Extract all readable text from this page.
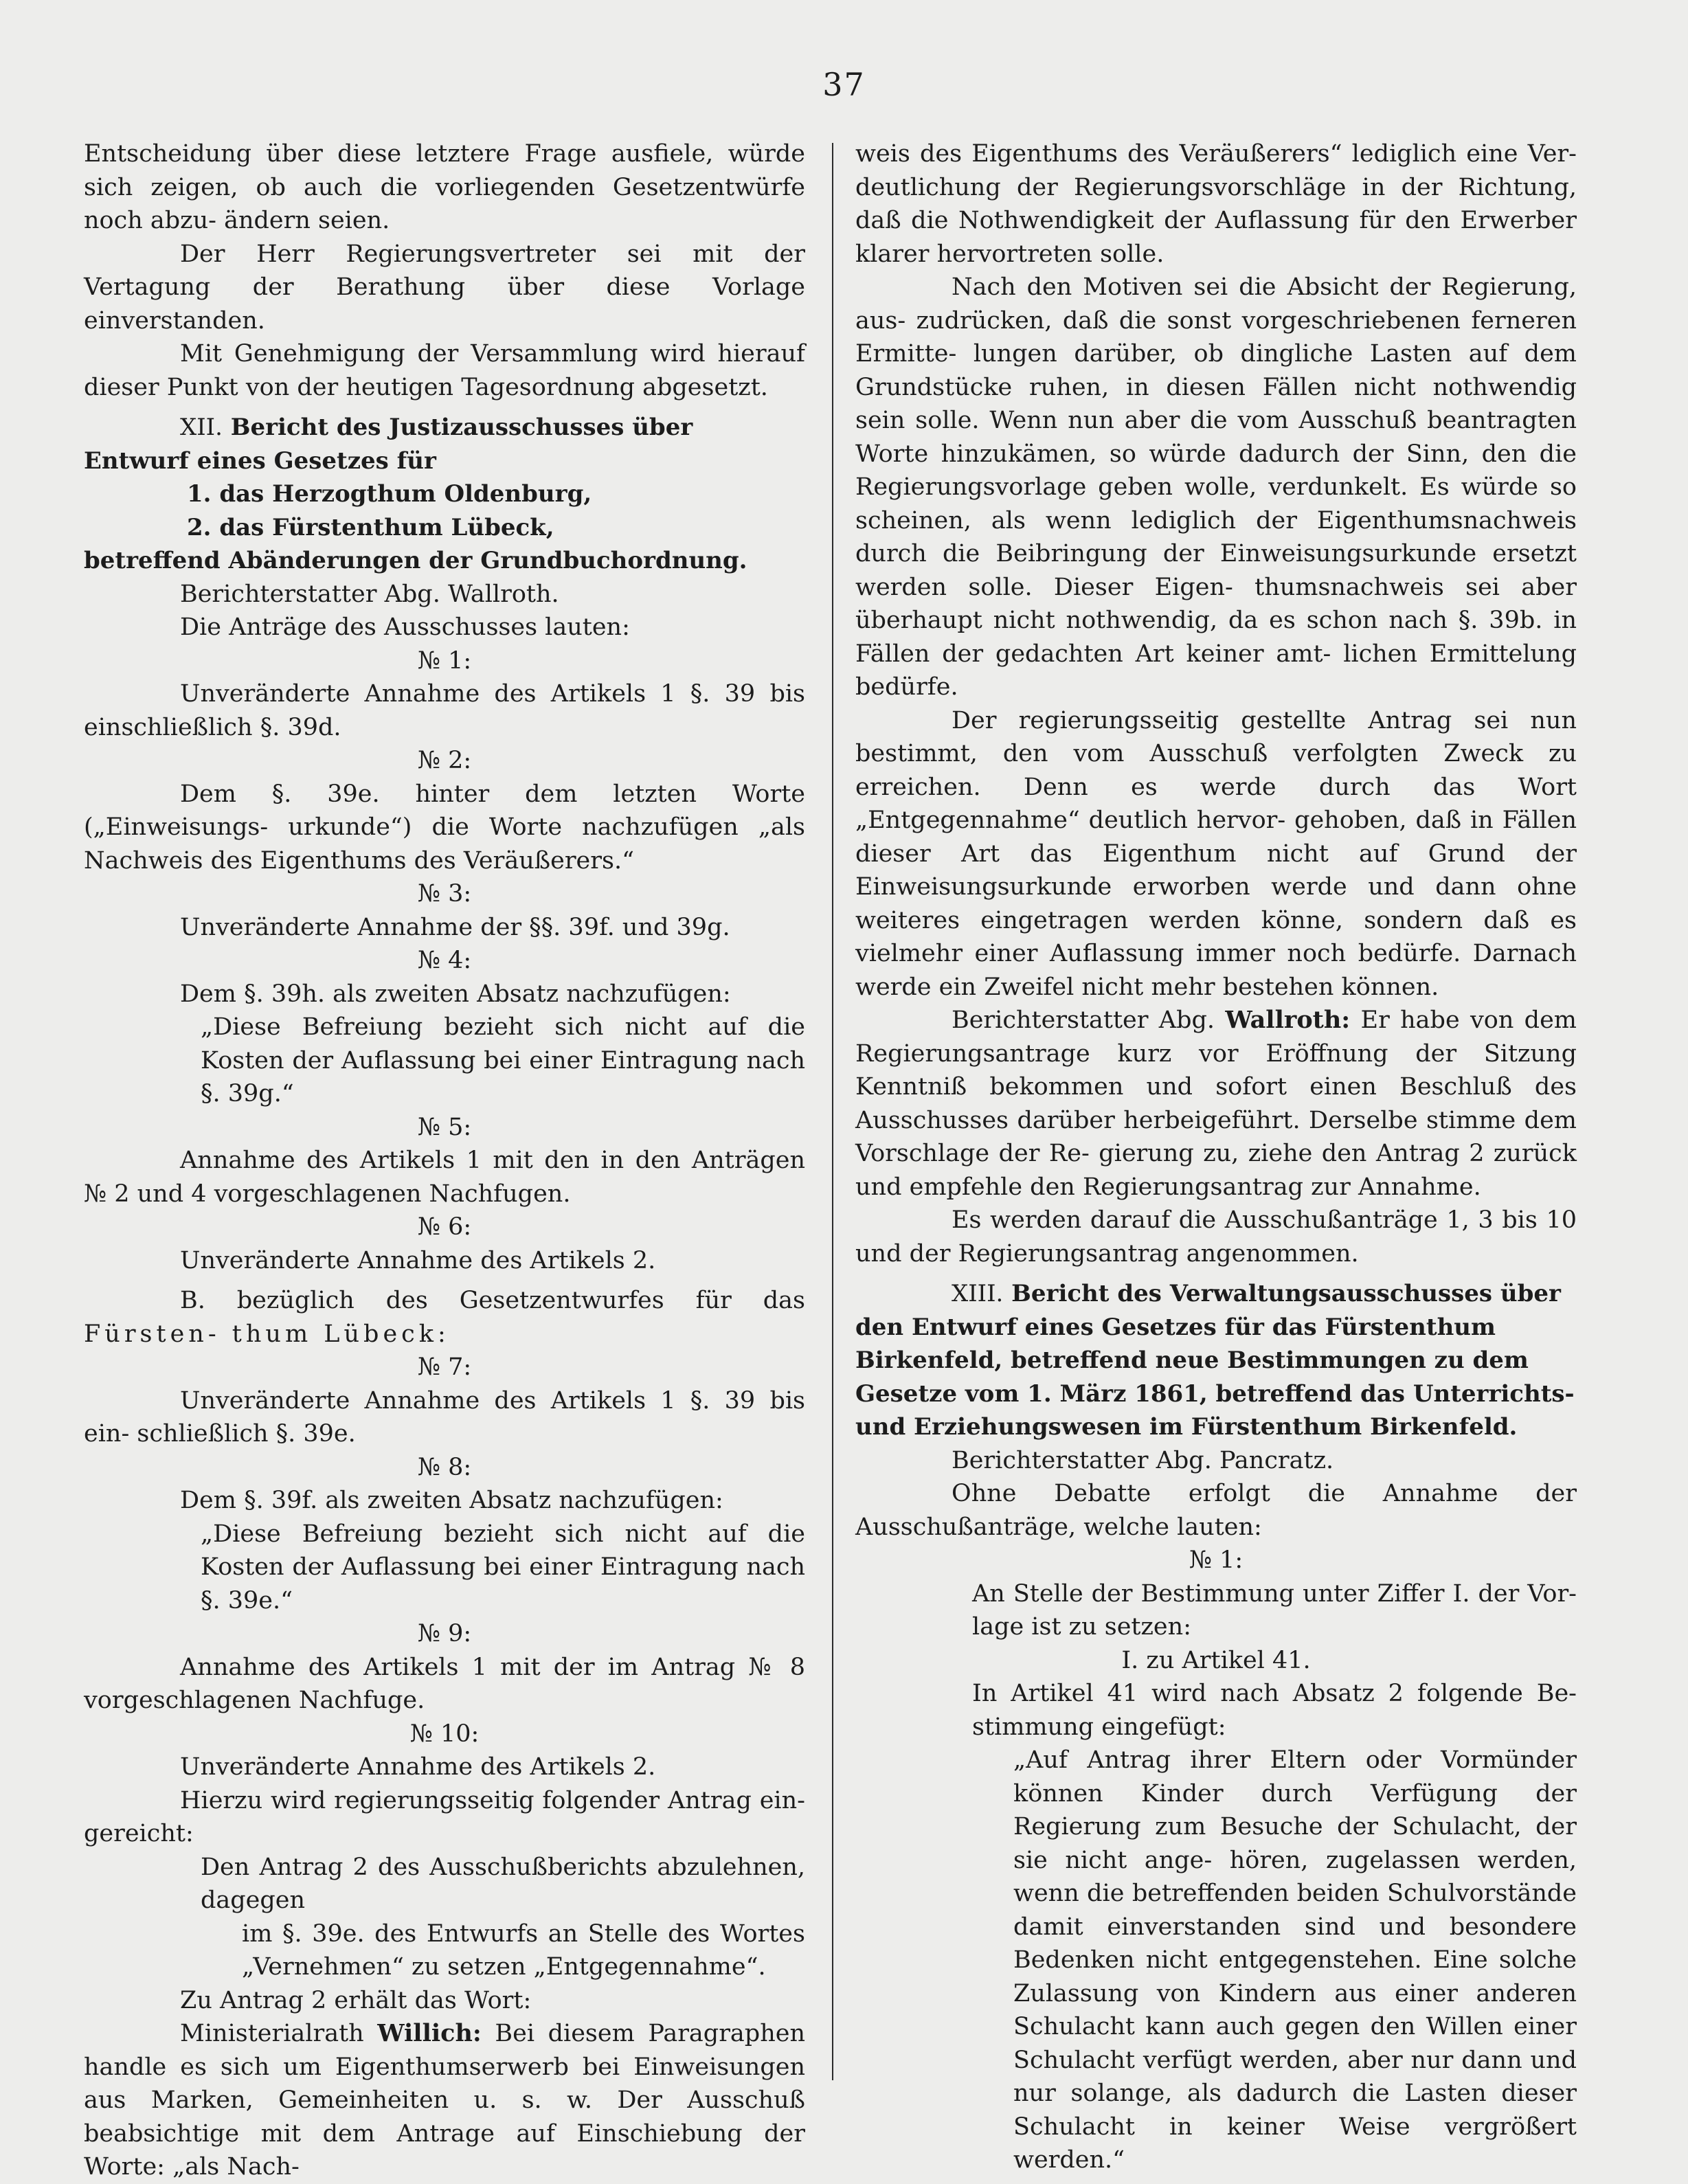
37

Entscheidung über diese letztere Frage ausfiele, würde sich zeigen, ob auch die vorliegenden Gesetzentwürfe noch abzu- ändern seien.

Der Herr Regierungsvertreter sei mit der Vertagung der Berathung über diese Vorlage einverstanden.

Mit Genehmigung der Versammlung wird hierauf dieser Punkt von der heutigen Tagesordnung abgesetzt.

XII. Bericht des Justizausschusses über Entwurf eines Gesetzes für

1. das Herzogthum Oldenburg,

2. das Fürstenthum Lübeck,

betreffend Abänderungen der Grundbuchordnung.

Berichterstatter Abg. Wallroth.

Die Anträge des Ausschusses lauten:

№ 1:

Unveränderte Annahme des Artikels 1 §. 39 bis einschließlich §. 39d.

№ 2:

Dem §. 39e. hinter dem letzten Worte („Einweisungs- urkunde“) die Worte nachzufügen „als Nachweis des Eigenthums des Veräußerers.“

№ 3:

Unveränderte Annahme der §§. 39f. und 39g.

№ 4:

Dem §. 39h. als zweiten Absatz nachzufügen:

„Diese Befreiung bezieht sich nicht auf die Kosten der Auflassung bei einer Eintragung nach §. 39g.“

№ 5:

Annahme des Artikels 1 mit den in den Anträgen № 2 und 4 vorgeschlagenen Nachfugen.

№ 6:

Unveränderte Annahme des Artikels 2.

B. bezüglich des Gesetzentwurfes für das Fürsten- thum Lübeck:

№ 7:

Unveränderte Annahme des Artikels 1 §. 39 bis ein- schließlich §. 39e.

№ 8:

Dem §. 39f. als zweiten Absatz nachzufügen:

„Diese Befreiung bezieht sich nicht auf die Kosten der Auflassung bei einer Eintragung nach §. 39e.“

№ 9:

Annahme des Artikels 1 mit der im Antrag № 8 vorgeschlagenen Nachfuge.

№ 10:

Unveränderte Annahme des Artikels 2.

Hierzu wird regierungsseitig folgender Antrag ein- gereicht:

Den Antrag 2 des Ausschußberichts abzulehnen, dagegen

im §. 39e. des Entwurfs an Stelle des Wortes „Vernehmen“ zu setzen „Entgegennahme“.

Zu Antrag 2 erhält das Wort:

Ministerialrath Willich: Bei diesem Paragraphen handle es sich um Eigenthumserwerb bei Einweisungen aus Marken, Gemeinheiten u. s. w. Der Ausschuß beabsichtige mit dem Antrage auf Einschiebung der Worte: „als Nach-

weis des Eigenthums des Veräußerers“ lediglich eine Ver- deutlichung der Regierungsvorschläge in der Richtung, daß die Nothwendigkeit der Auflassung für den Erwerber klarer hervortreten solle.

Nach den Motiven sei die Absicht der Regierung, aus- zudrücken, daß die sonst vorgeschriebenen ferneren Ermitte- lungen darüber, ob dingliche Lasten auf dem Grundstücke ruhen, in diesen Fällen nicht nothwendig sein solle. Wenn nun aber die vom Ausschuß beantragten Worte hinzukämen, so würde dadurch der Sinn, den die Regierungsvorlage geben wolle, verdunkelt. Es würde so scheinen, als wenn lediglich der Eigenthumsnachweis durch die Beibringung der Einweisungsurkunde ersetzt werden solle. Dieser Eigen- thumsnachweis sei aber überhaupt nicht nothwendig, da es schon nach §. 39b. in Fällen der gedachten Art keiner amt- lichen Ermittelung bedürfe.

Der regierungsseitig gestellte Antrag sei nun bestimmt, den vom Ausschuß verfolgten Zweck zu erreichen. Denn es werde durch das Wort „Entgegennahme“ deutlich hervor- gehoben, daß in Fällen dieser Art das Eigenthum nicht auf Grund der Einweisungsurkunde erworben werde und dann ohne weiteres eingetragen werden könne, sondern daß es vielmehr einer Auflassung immer noch bedürfe. Darnach werde ein Zweifel nicht mehr bestehen können.

Berichterstatter Abg. Wallroth: Er habe von dem Regierungsantrage kurz vor Eröffnung der Sitzung Kenntniß bekommen und sofort einen Beschluß des Ausschusses darüber herbeigeführt. Derselbe stimme dem Vorschlage der Re- gierung zu, ziehe den Antrag 2 zurück und empfehle den Regierungsantrag zur Annahme.

Es werden darauf die Ausschußanträge 1, 3 bis 10 und der Regierungsantrag angenommen.

XIII. Bericht des Verwaltungsausschusses über den Entwurf eines Gesetzes für das Fürstenthum Birkenfeld, betreffend neue Bestimmungen zu dem Gesetze vom 1. März 1861, betreffend das Unterrichts- und Erziehungswesen im Fürstenthum Birkenfeld.

Berichterstatter Abg. Pancratz.

Ohne Debatte erfolgt die Annahme der Ausschußanträge, welche lauten:

№ 1:

An Stelle der Bestimmung unter Ziffer I. der Vor- lage ist zu setzen:

I. zu Artikel 41.

In Artikel 41 wird nach Absatz 2 folgende Be- stimmung eingefügt:

„Auf Antrag ihrer Eltern oder Vormünder können Kinder durch Verfügung der Regierung zum Besuche der Schulacht, der sie nicht ange- hören, zugelassen werden, wenn die betreffenden beiden Schulvorstände damit einverstanden sind und besondere Bedenken nicht entgegenstehen. Eine solche Zulassung von Kindern aus einer anderen Schulacht kann auch gegen den Willen einer Schulacht verfügt werden, aber nur dann und nur solange, als dadurch die Lasten dieser Schulacht in keiner Weise vergrößert werden.“
